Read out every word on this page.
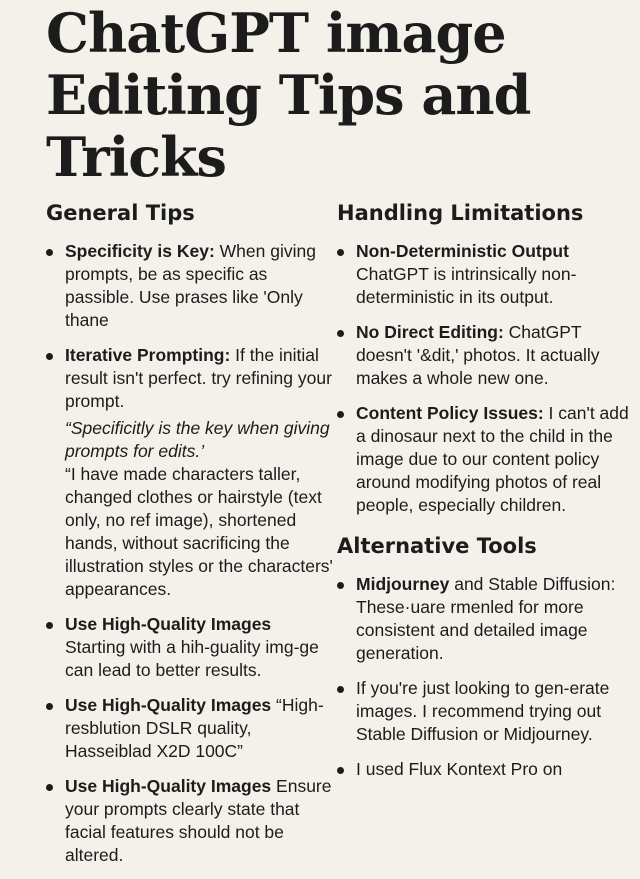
ChatGPT image
Editing Tips and
Tricks
General Tips
Specificity is Key: When giving prompts, be as specific as passible. Use prases like 'Only thane
Iterative Prompting: If the initial result isn't perfect. try refining your prompt.
“Specificitly is the key when giving prompts for edits.’
“I have made characters taller, changed clothes or hairstyle (text only, no ref image), shortened hands, without sacrificing the illustration styles or the characters' appearances.
Use High-Quality Images Starting with a hih-guality img-ge can lead to better results.
Use High-Quality Images “High-resblution DSLR quality, Hasseiblad X2D 100C”
Use High-Quality Images Ensure your prompts clearly state that facial features should not be altered.
Handling Limitations
Non-Deterministic Output ChatGPT is intrinsically non-deterministic in its output.
No Direct Editing: ChatGPT doesn't '&dit,' photos. It actually makes a whole new one.
Content Policy Issues: I can't add a dinosaur next to the child in the image due to our content policy around modifying photos of real people, especially children.
Alternative Tools
Midjourney and Stable Diffusion: These·uare rmenled for more consistent and detailed image generation.
If you're just looking to gen-erate images. I recommend trying out Stable Diffusion or Midjourney.
I used Flux Kontext Pro on
